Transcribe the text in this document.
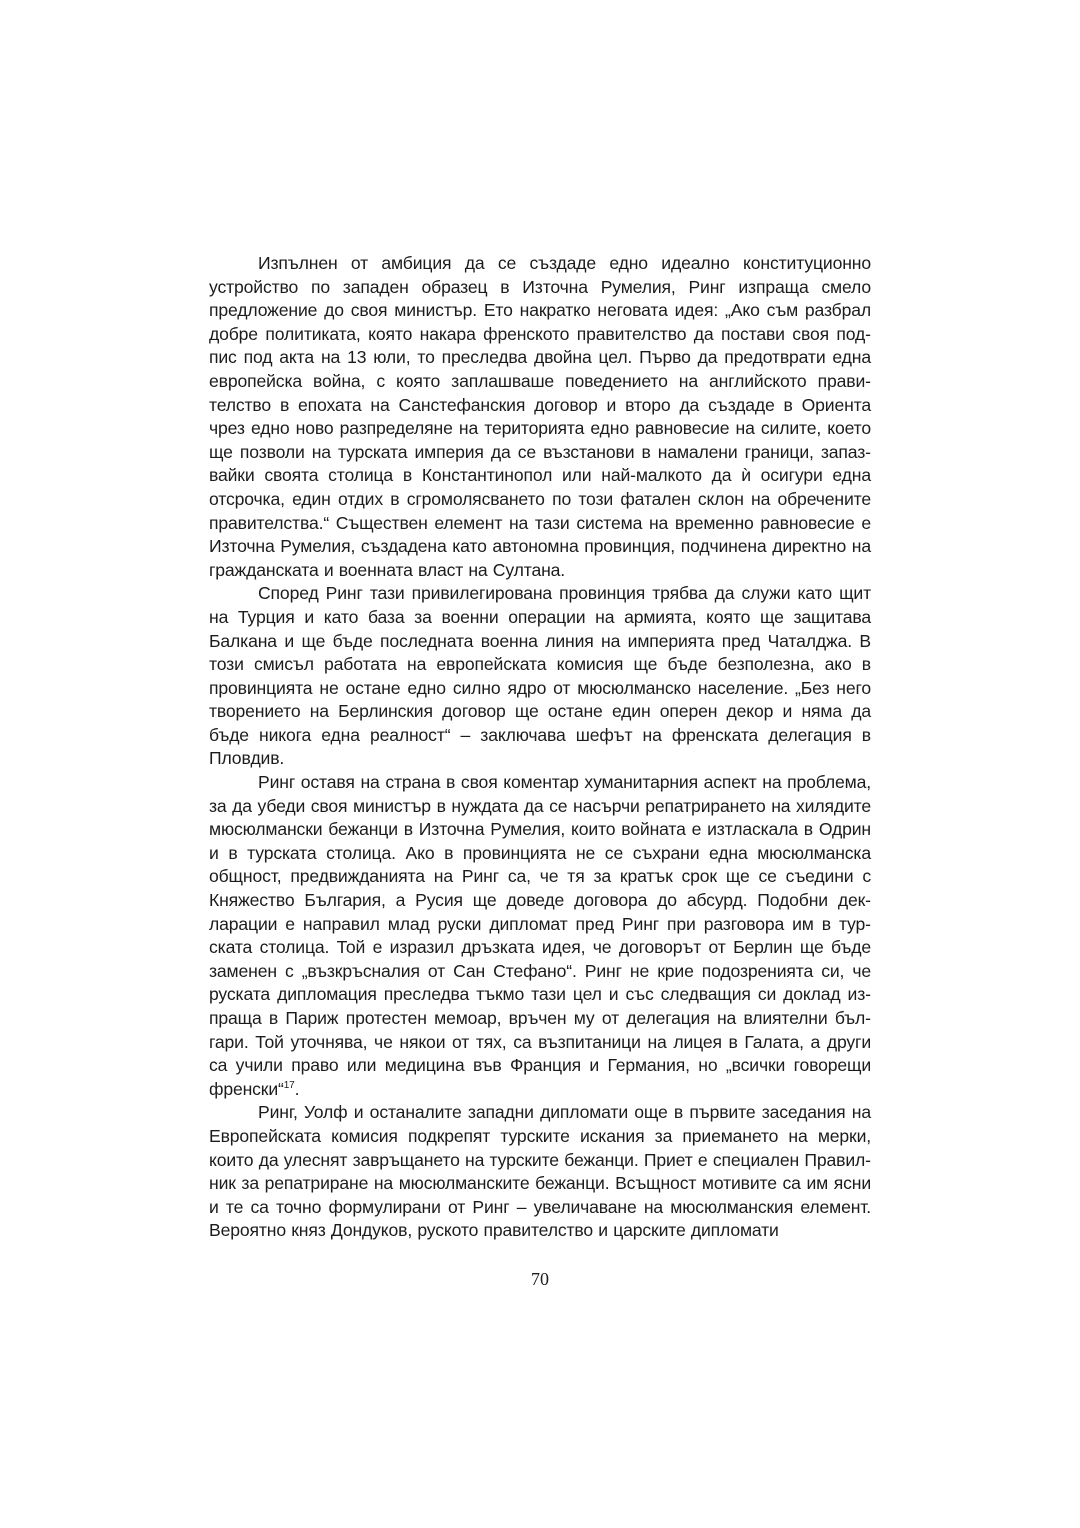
Изпълнен от амбиция да се създаде едно идеално конституционно устройство по западен образец в Източна Румелия, Ринг изпраща смело предложение до своя министър. Ето накратко неговата идея: „Ако съм разбрал добре политиката, която накара френското правителство да постави своя подпис под акта на 13 юли, то преследва двойна цел. Първо да предотврати една европейска война, с която заплашваше поведението на английското правителство в епохата на Санстефанския договор и второ да създаде в Ориента чрез едно ново разпределяне на територията едно равновесие на силите, което ще позволи на турската империя да се възстанови в намалени граници, запазвайки своята столица в Константинопол или най-малкото да ѝ осигури една отсрочка, един отдих в сгромолясването по този фатален склон на обречените правителства.“ Съществен елемент на тази система на временно равновесие е Източна Румелия, създадена като автономна провинция, подчинена директно на гражданската и военната власт на Султана.

Според Ринг тази привилегирована провинция трябва да служи като щит на Турция и като база за военни операции на армията, която ще защитава Балкана и ще бъде последната военна линия на империята пред Чаталджа. В този смисъл работата на европейската комисия ще бъде безполезна, ако в провинцията не остане едно силно ядро от мюсюлманско население. „Без него творението на Берлинския договор ще остане един оперен декор и няма да бъде никога една реалност“ – заключава шефът на френската делегация в Пловдив.

Ринг оставя на страна в своя коментар хуманитарния аспект на проблема, за да убеди своя министър в нуждата да се насърчи репатрирането на хилядите мюсюлмански бежанци в Източна Румелия, които войната е изтласкала в Одрин и в турската столица. Ако в провинцията не се съхрани една мюсюлманска общност, предвижданията на Ринг са, че тя за кратък срок ще се съедини с Княжество България, а Русия ще доведе договора до абсурд. Подобни декларации е направил млад руски дипломат пред Ринг при разговора им в турската столица. Той е изразил дръзката идея, че договорът от Берлин ще бъде заменен с „възкръсналия от Сан Стефано“. Ринг не крие подозренията си, че руската дипломация преследва тъкмо тази цел и със следващия си доклад изпраща в Париж протестен мемоар, връчен му от делегация на влиятелни българи. Той уточнява, че някои от тях, са възпитаници на лицея в Галата, а други са учили право или медицина във Франция и Германия, но „всички говорещи френски“$^{17}$.

Ринг, Уолф и останалите западни дипломати още в първите заседания на Европейската комисия подкрепят турските искания за приемането на мерки, които да улеснят завръщането на турските бежанци. Приет е специален Правилник за репатриране на мюсюлманските бежанци. Всъщност мотивите са им ясни и те са точно формулирани от Ринг – увеличаване на мюсюлманския елемент. Вероятно княз Дондуков, руското правителство и царските дипломати

70
